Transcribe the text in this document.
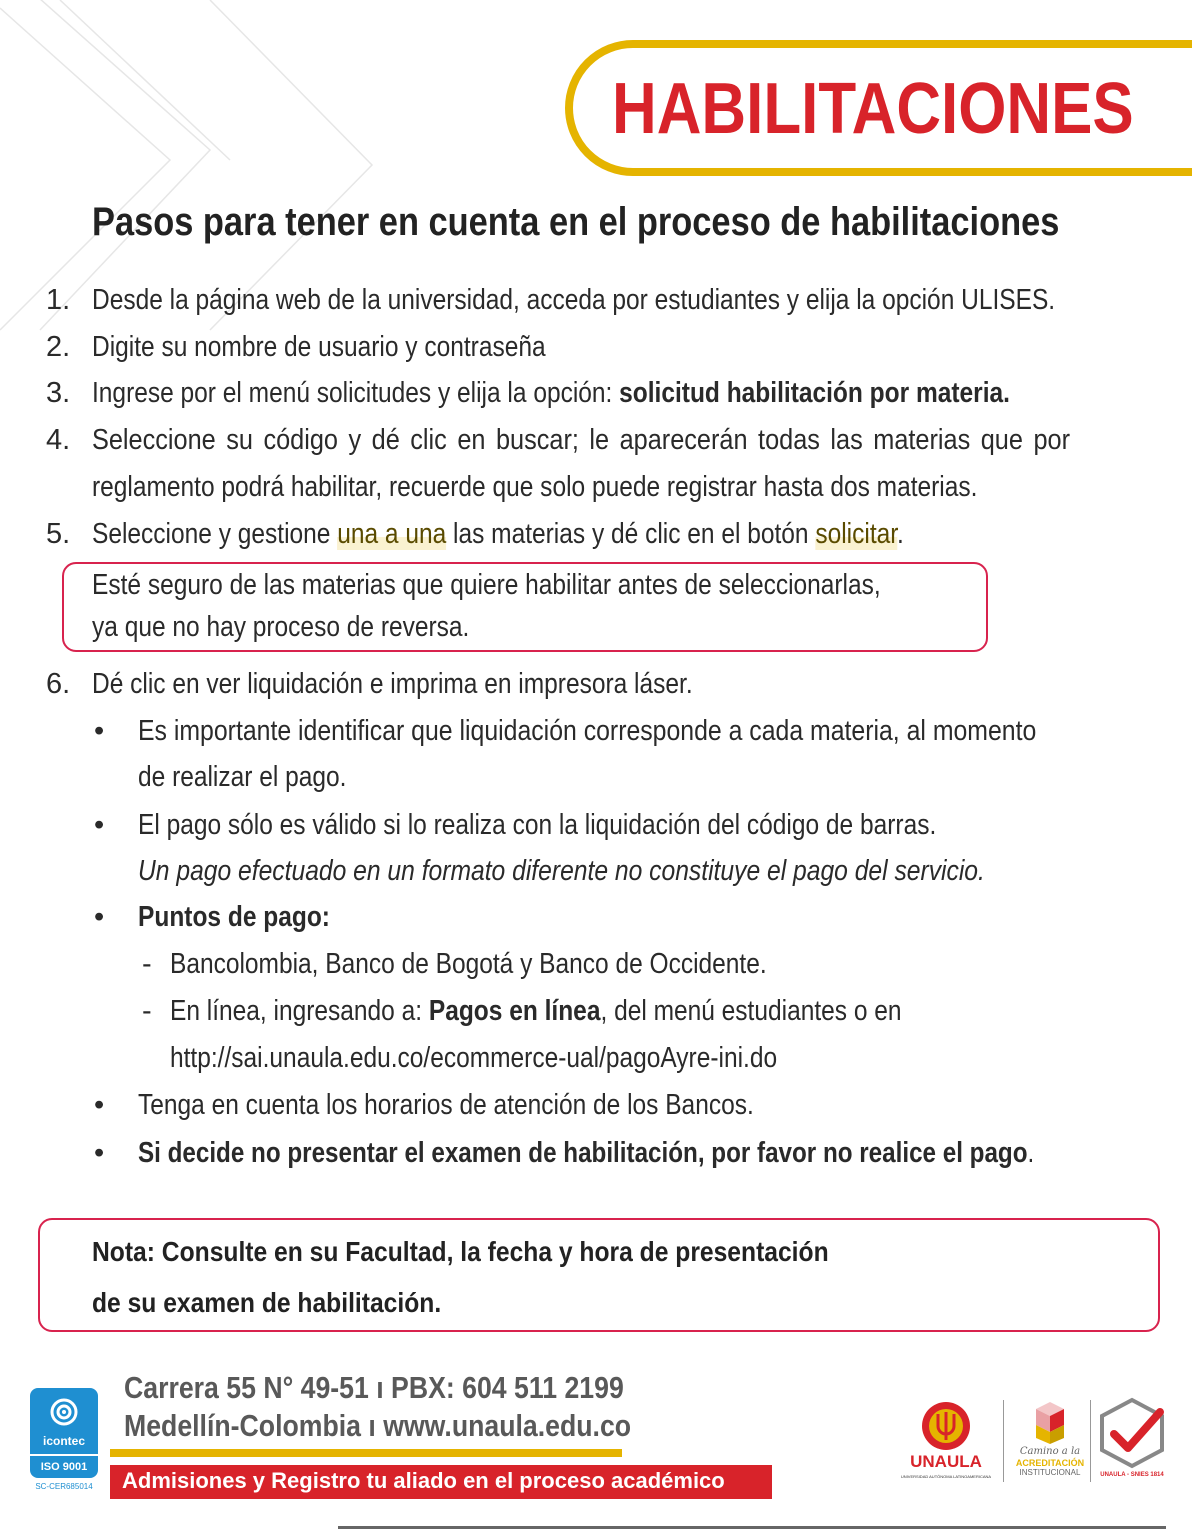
HABILITACIONES
Pasos para tener en cuenta en el proceso de habilitaciones
1. Desde la página web de la universidad, acceda por estudiantes y elija la opción ULISES.
2. Digite su nombre de usuario y contraseña
3. Ingrese por el menú solicitudes y elija la opción: solicitud habilitación por materia.
4. Seleccione su código y dé clic en buscar; le aparecerán todas las materias que por
reglamento podrá habilitar, recuerde que solo puede registrar hasta dos materias.
5. Seleccione y gestione una a una las materias y dé clic en el botón solicitar.
Esté seguro de las materias que quiere habilitar antes de seleccionarlas,
ya que no hay proceso de reversa.
6. Dé clic en ver liquidación e imprima en impresora láser.
• Es importante identificar que liquidación corresponde a cada materia, al momento
de realizar el pago.
• El pago sólo es válido si lo realiza con la liquidación del código de barras.
Un pago efectuado en un formato diferente no constituye el pago del servicio.
• Puntos de pago:
- Bancolombia, Banco de Bogotá y Banco de Occidente.
- En línea, ingresando a: Pagos en línea, del menú estudiantes o en
http://sai.unaula.edu.co/ecommerce-ual/pagoAyre-ini.do
• Tenga en cuenta los horarios de atención de los Bancos.
• Si decide no presentar el examen de habilitación, por favor no realice el pago.
Nota: Consulte en su Facultad, la fecha y hora de presentación
de su examen de habilitación.
icontec
ISO 9001
SC-CER685014
Carrera 55 N° 49-51 ı PBX: 604 511 2199
Medellín-Colombia ı www.unaula.edu.co
Admisiones y Registro tu aliado en el proceso académico
UNAULA
UNIVERSIDAD AUTÓNOMA LATINOAMERICANA
Camino a la
ACREDITACIÓN
INSTITUCIONAL	UNAULA - SNIES 1814
